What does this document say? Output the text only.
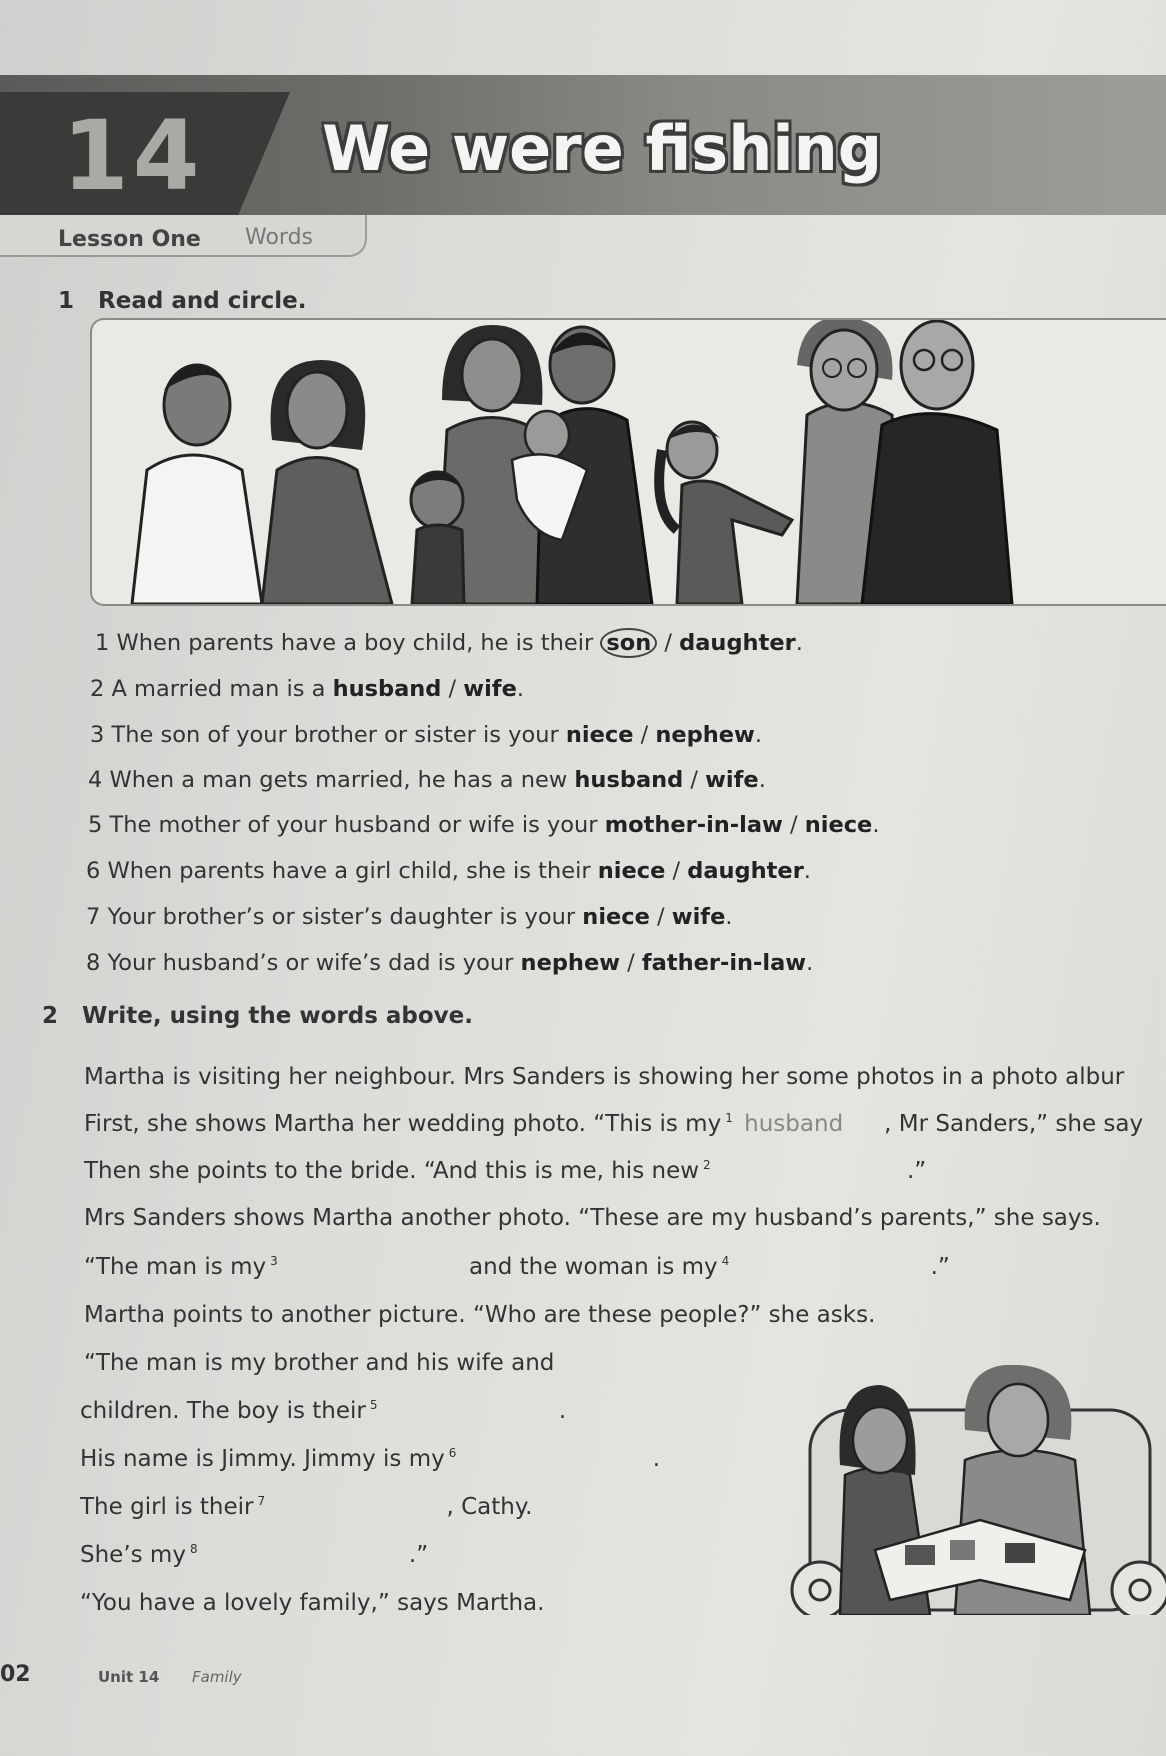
14 We were fishing
Lesson One Words
1 Read and circle.
1 When parents have a boy child, he is their son / daughter.
2 A married man is a husband / wife.
3 The son of your brother or sister is your niece / nephew.
4 When a man gets married, he has a new husband / wife.
5 The mother of your husband or wife is your mother-in-law / niece.
6 When parents have a girl child, she is their niece / daughter.
7 Your brother’s or sister’s daughter is your niece / wife.
8 Your husband’s or wife’s dad is your nephew / father-in-law.
2 Write, using the words above.
Martha is visiting her neighbour. Mrs Sanders is showing her some photos in a photo albur
First, she shows Martha her wedding photo. “This is my $^1$ husband , Mr Sanders,” she say
Then she points to the bride. “And this is me, his new $^2$	.”
Mrs Sanders shows Martha another photo. “These are my husband’s parents,” she says.
“The man is my $^3$	and the woman is my $^4$	.”
Martha points to another picture. “Who are these people?” she asks.
“The man is my brother and his wife and
children. The boy is their $^5$	.
His name is Jimmy. Jimmy is my $^6$	.
The girl is their $^7$	, Cathy.
She’s my $^8$	.”
“You have a lovely family,” says Martha.
02	Unit 14 Family
